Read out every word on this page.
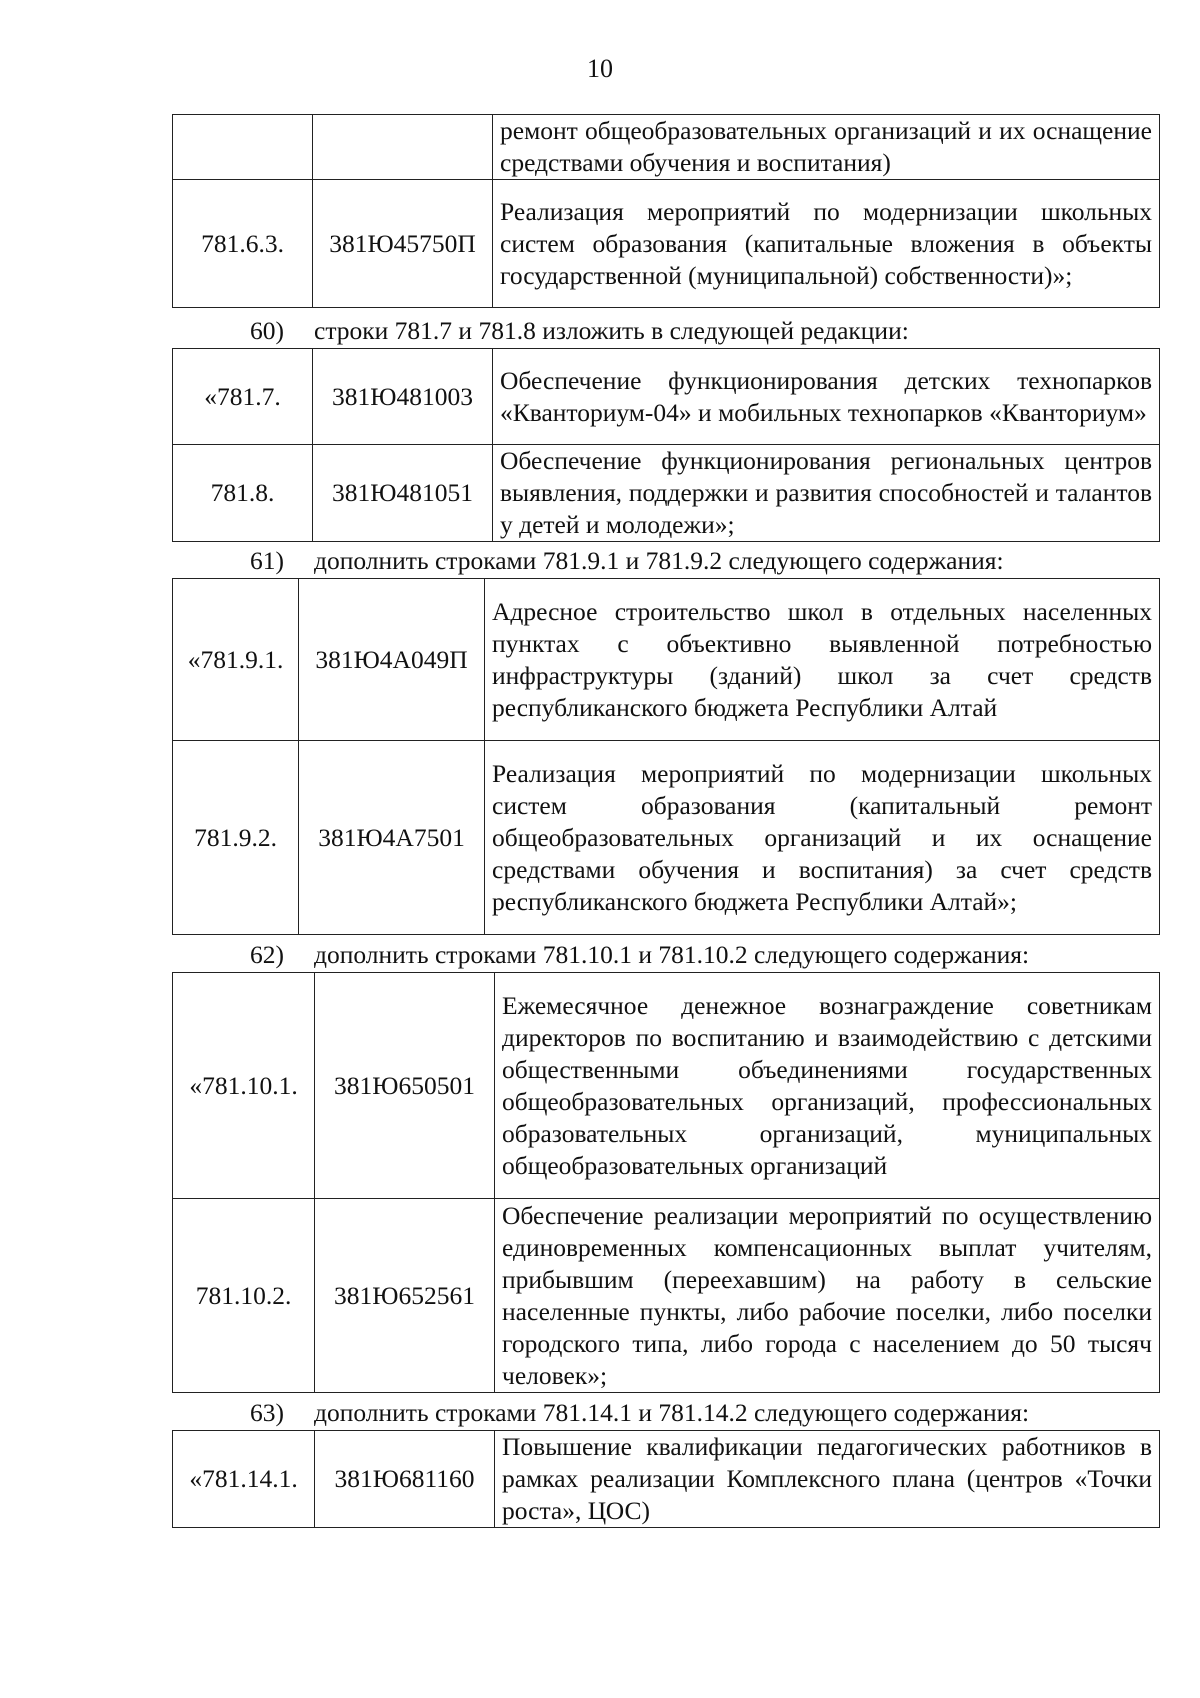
10
		ремонт общеобразовательных организаций и их оснащение средствами обучения и воспитания)
781.6.3.	381Ю45750П	Реализация мероприятий по модернизации школьных систем образования (капитальные вложения в объекты государственной (муниципальной) собственности)»;
60) строки 781.7 и 781.8 изложить в следующей редакции:
«781.7.	381Ю481003	Обеспечение функционирования детских технопарков «Кванториум-04» и мобильных технопарков «Кванториум»
781.8.	381Ю481051	Обеспечение функционирования региональных центров выявления, поддержки и развития способностей и талантов у детей и молодежи»;
61) дополнить строками 781.9.1 и 781.9.2 следующего содержания:
«781.9.1.	381Ю4А049П	Адресное строительство школ в отдельных населенных пунктах с объективно выявленной потребностью инфраструктуры (зданий) школ за счет средств республиканского бюджета Республики Алтай
781.9.2.	381Ю4А7501	Реализация мероприятий по модернизации школьных систем образования (капитальный ремонт общеобразовательных организаций и их оснащение средствами обучения и воспитания) за счет средств республиканского бюджета Республики Алтай»;
62) дополнить строками 781.10.1 и 781.10.2 следующего содержания:
«781.10.1.	381Ю650501	Ежемесячное денежное вознаграждение советникам директоров по воспитанию и взаимодействию с детскими общественными объединениями государственных общеобразовательных организаций, профессиональных образовательных организаций, муниципальных общеобразовательных организаций
781.10.2.	381Ю652561	Обеспечение реализации мероприятий по осуществлению единовременных компенсационных выплат учителям, прибывшим (переехавшим) на работу в сельские населенные пункты, либо рабочие поселки, либо поселки городского типа, либо города с населением до 50 тысяч человек»;
63) дополнить строками 781.14.1 и 781.14.2 следующего содержания:
«781.14.1.	381Ю681160	Повышение квалификации педагогических работников в рамках реализации Комплексного плана (центров «Точки роста», ЦОС)
